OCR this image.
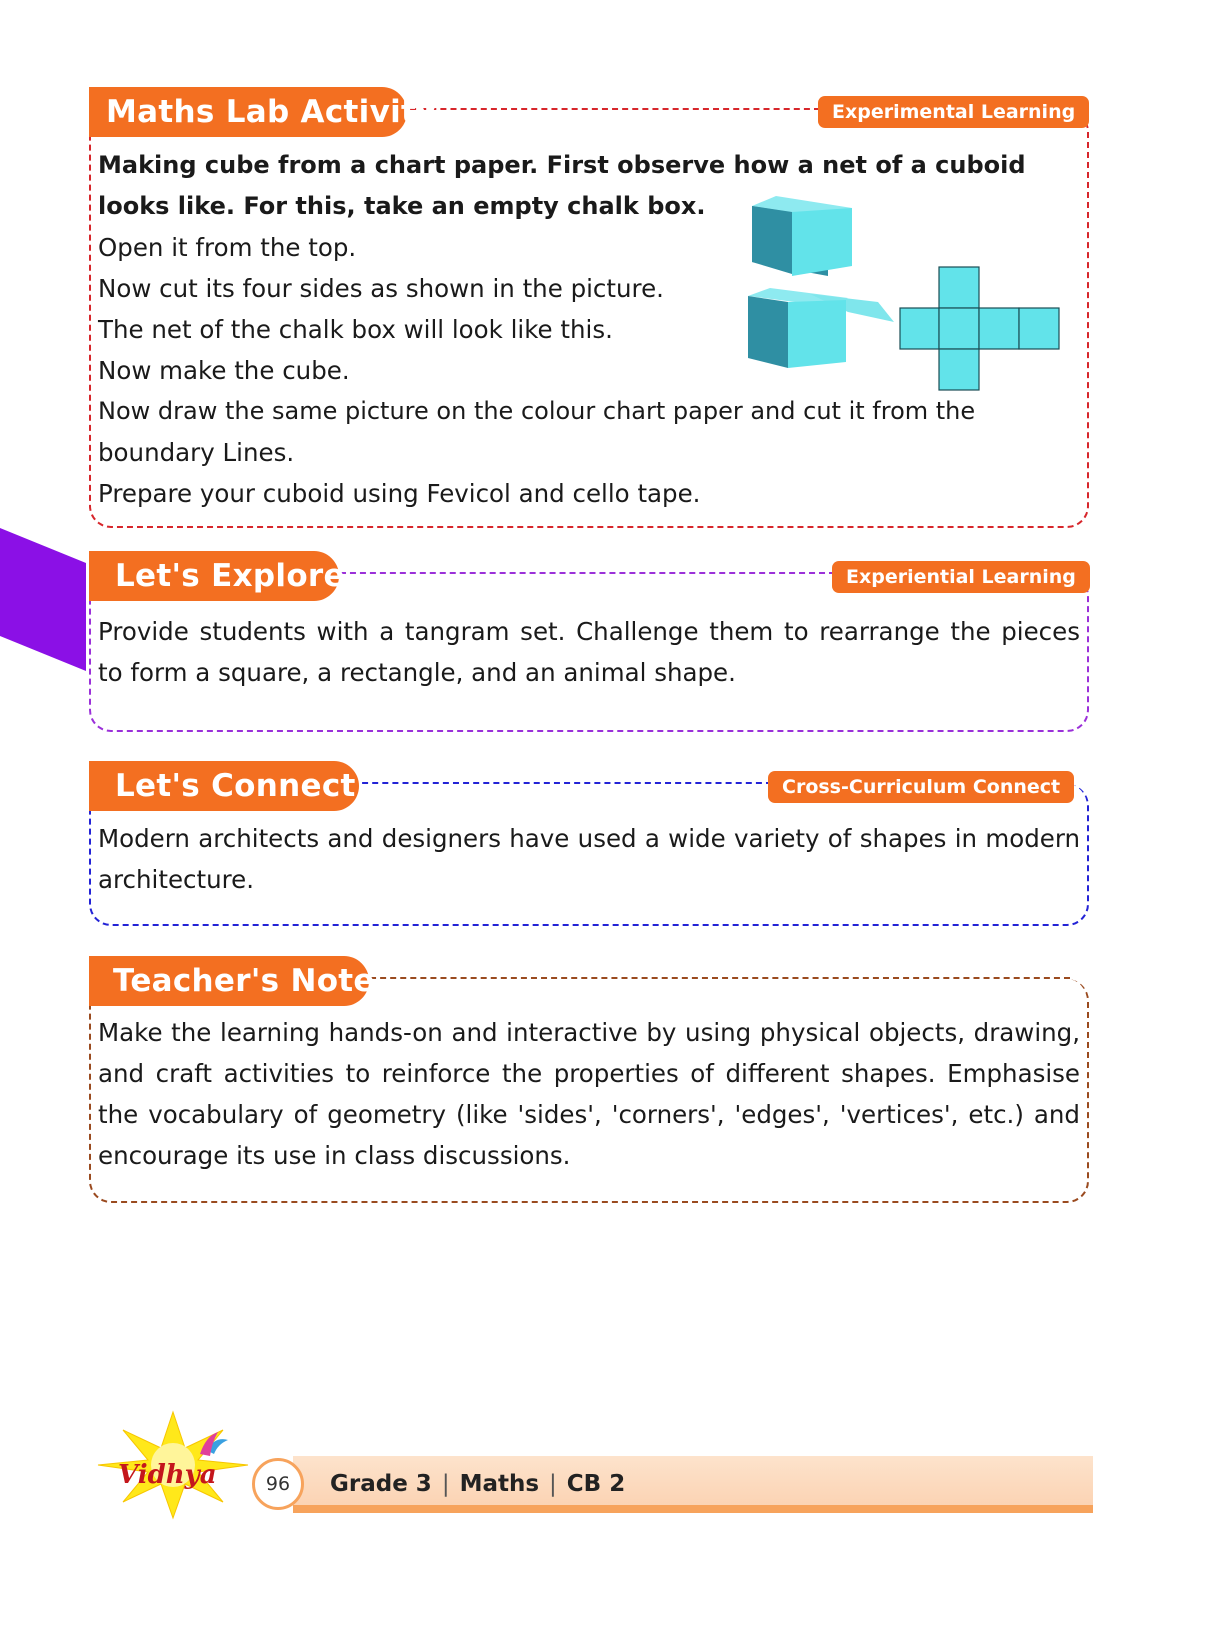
Maths Lab Activity	Experimental Learning
Making cube from a chart paper. First observe how a net of a cuboid
looks like. For this, take an empty chalk box.
Open it from the top.
Now cut its four sides as shown in the picture.
The net of the chalk box will look like this.
Now make the cube.
Now draw the same picture on the colour chart paper and cut it from the
boundary Lines.
Prepare your cuboid using Fevicol and cello tape.
Let's Explore	Experiential Learning
Provide students with a tangram set. Challenge them to rearrange the pieces to form a square, a rectangle, and an animal shape.
Let's Connect	Cross-Curriculum Connect
Modern architects and designers have used a wide variety of shapes in modern architecture.
Teacher's Note
Make the learning hands-on and interactive by using physical objects, drawing, and craft activities to reinforce the properties of different shapes. Emphasise the vocabulary of geometry (like 'sides', 'corners', 'edges', 'vertices', etc.) and encourage its use in class discussions.
Vidhya	96	Grade 3 | Maths | CB 2
